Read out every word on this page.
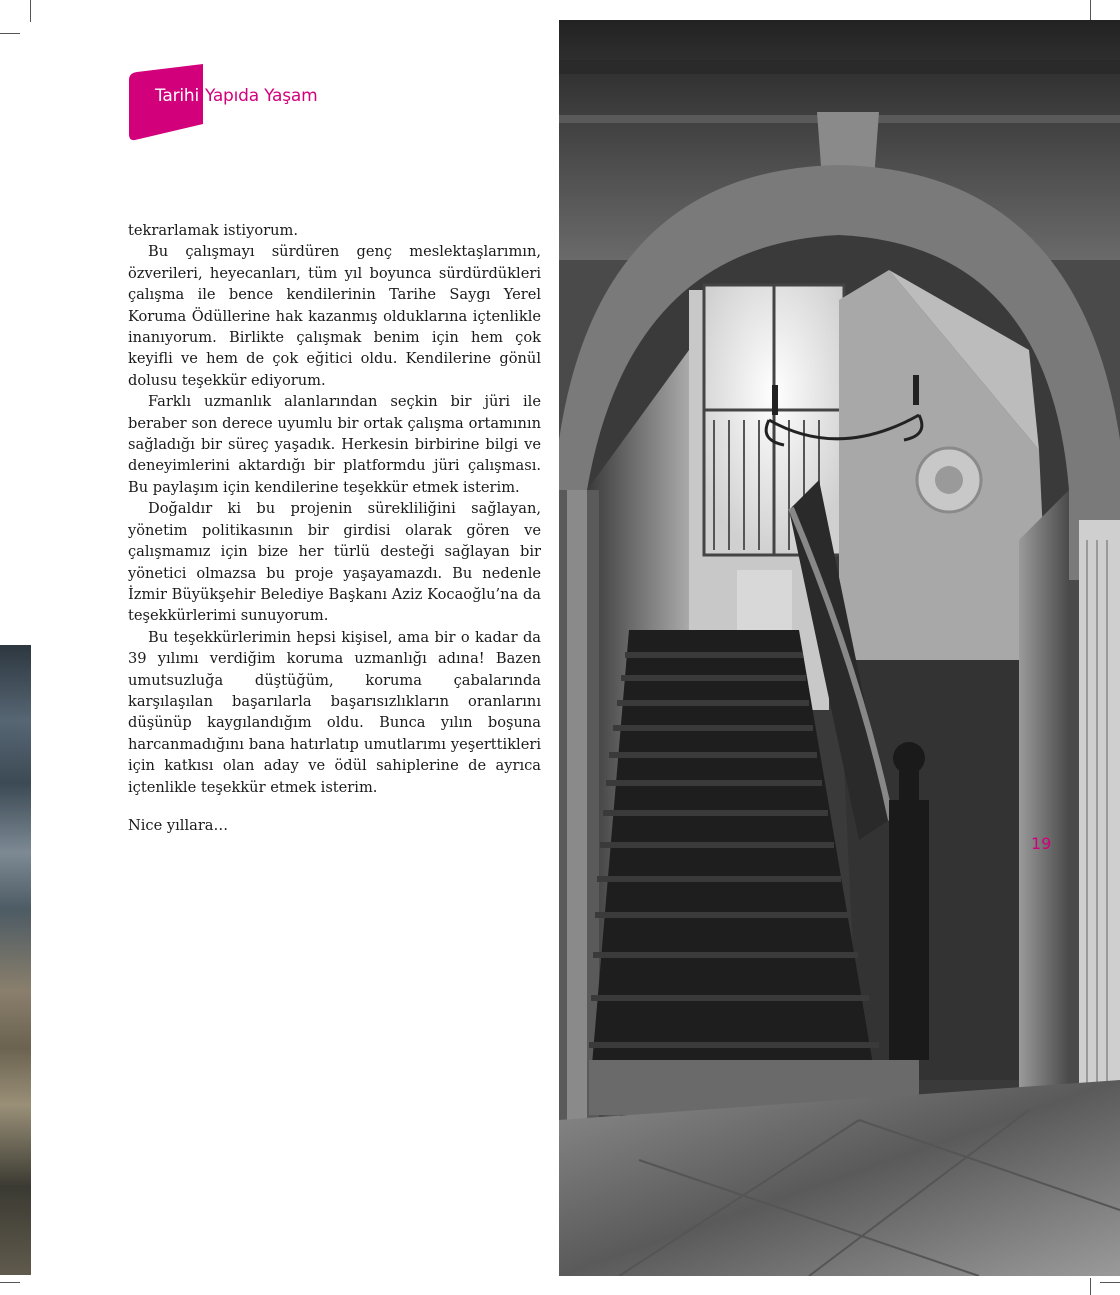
Tarihi Yapıda Yaşam

tekrarlamak istiyorum.

Bu çalışmayı sürdüren genç meslektaşlarımın, özverileri, heyecanları, tüm yıl boyunca sürdürdükleri çalışma ile bence kendilerinin Tarihe Saygı Yerel Koruma Ödüllerine hak kazanmış olduklarına içtenlikle inanıyorum. Birlikte çalışmak benim için hem çok keyifli ve hem de çok eğitici oldu. Kendilerine gönül dolusu teşekkür ediyorum.

Farklı uzmanlık alanlarından seçkin bir jüri ile beraber son derece uyumlu bir ortak çalışma ortamının sağladığı bir süreç yaşadık. Herkesin birbirine bilgi ve deneyimlerini aktardığı bir platformdu jüri çalışması. Bu paylaşım için kendilerine teşekkür etmek isterim.

Doğaldır ki bu projenin sürekliliğini sağlayan, yönetim politikasının bir girdisi olarak gören ve çalışmamız için bize her türlü desteği sağlayan bir yönetici olmazsa bu proje yaşayamazdı. Bu nedenle İzmir Büyükşehir Belediye Başkanı Aziz Kocaoğlu’na da teşekkürlerimi sunuyorum.

Bu teşekkürlerimin hepsi kişisel, ama bir o kadar da 39 yılımı verdiğim koruma uzmanlığı adına! Bazen umutsuzluğa düştüğüm, koruma çabalarında karşılaşılan başarılarla başarısızlıkların oranlarını düşünüp kaygılandığım oldu. Bunca yılın boşuna harcanmadığını bana hatırlatıp umutlarımı yeşerttikleri için katkısı olan aday ve ödül sahiplerine de ayrıca içtenlikle teşekkür etmek isterim.

Nice yıllara…

19
